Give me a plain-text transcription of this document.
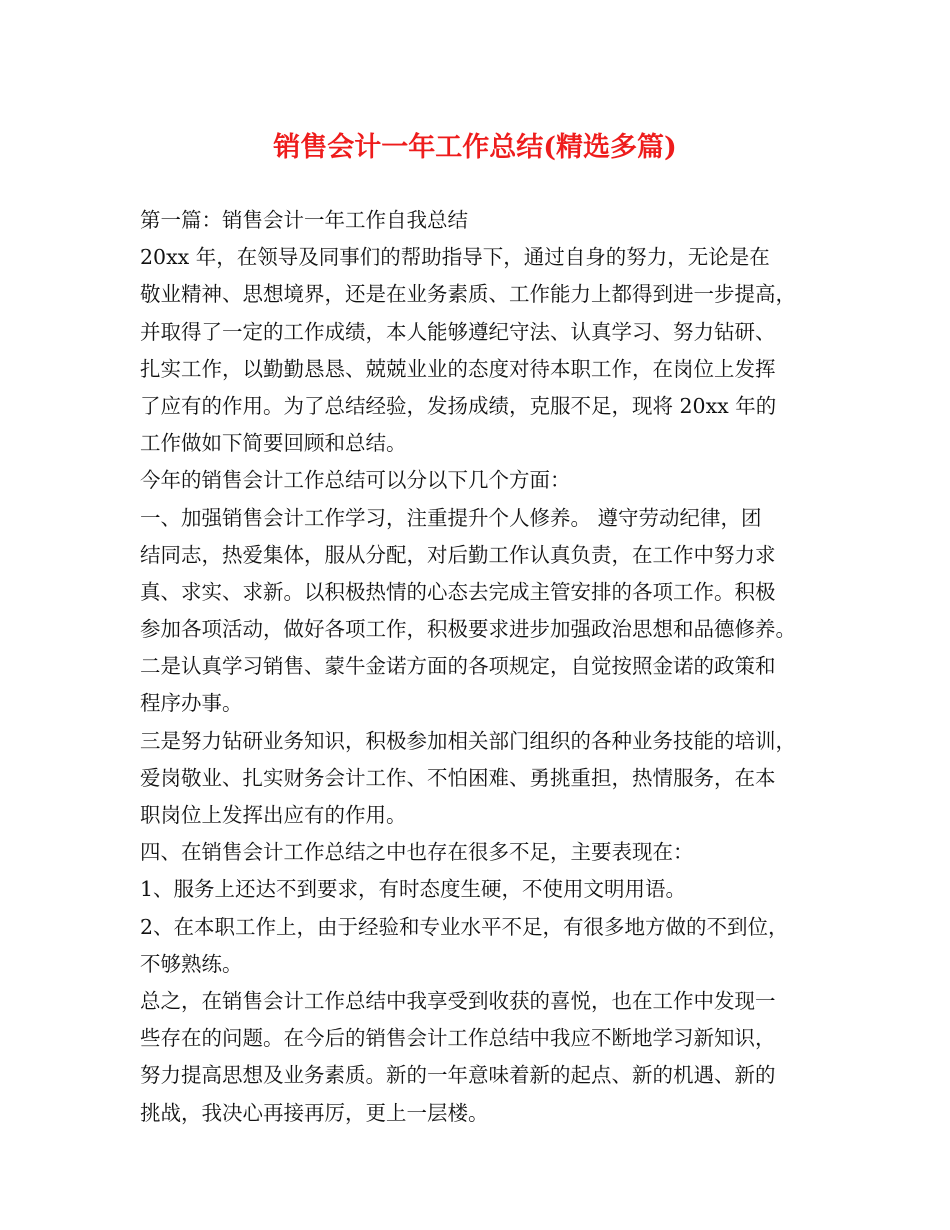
销售会计一年工作总结(精选多篇)
第一篇：销售会计一年工作自我总结
20xx 年，在领导及同事们的帮助指导下，通过自身的努力，无论是在
敬业精神、思想境界，还是在业务素质、工作能力上都得到进一步提高，
并取得了一定的工作成绩，本人能够遵纪守法、认真学习、努力钻研、
扎实工作，以勤勤恳恳、兢兢业业的态度对待本职工作，在岗位上发挥
了应有的作用。为了总结经验，发扬成绩，克服不足，现将 20xx 年的
工作做如下简要回顾和总结。
今年的销售会计工作总结可以分以下几个方面：
一、加强销售会计工作学习，注重提升个人修养。 遵守劳动纪律，团
结同志，热爱集体，服从分配，对后勤工作认真负责，在工作中努力求
真、求实、求新。以积极热情的心态去完成主管安排的各项工作。积极
参加各项活动，做好各项工作，积极要求进步加强政治思想和品德修养。
二是认真学习销售、蒙牛金诺方面的各项规定，自觉按照金诺的政策和
程序办事。
三是努力钻研业务知识，积极参加相关部门组织的各种业务技能的培训，
爱岗敬业、扎实财务会计工作、不怕困难、勇挑重担，热情服务，在本
职岗位上发挥出应有的作用。
四、在销售会计工作总结之中也存在很多不足，主要表现在：
1、服务上还达不到要求，有时态度生硬，不使用文明用语。
2、在本职工作上，由于经验和专业水平不足，有很多地方做的不到位，
不够熟练。
总之，在销售会计工作总结中我享受到收获的喜悦，也在工作中发现一
些存在的问题。在今后的销售会计工作总结中我应不断地学习新知识，
努力提高思想及业务素质。新的一年意味着新的起点、新的机遇、新的
挑战，我决心再接再厉，更上一层楼。
